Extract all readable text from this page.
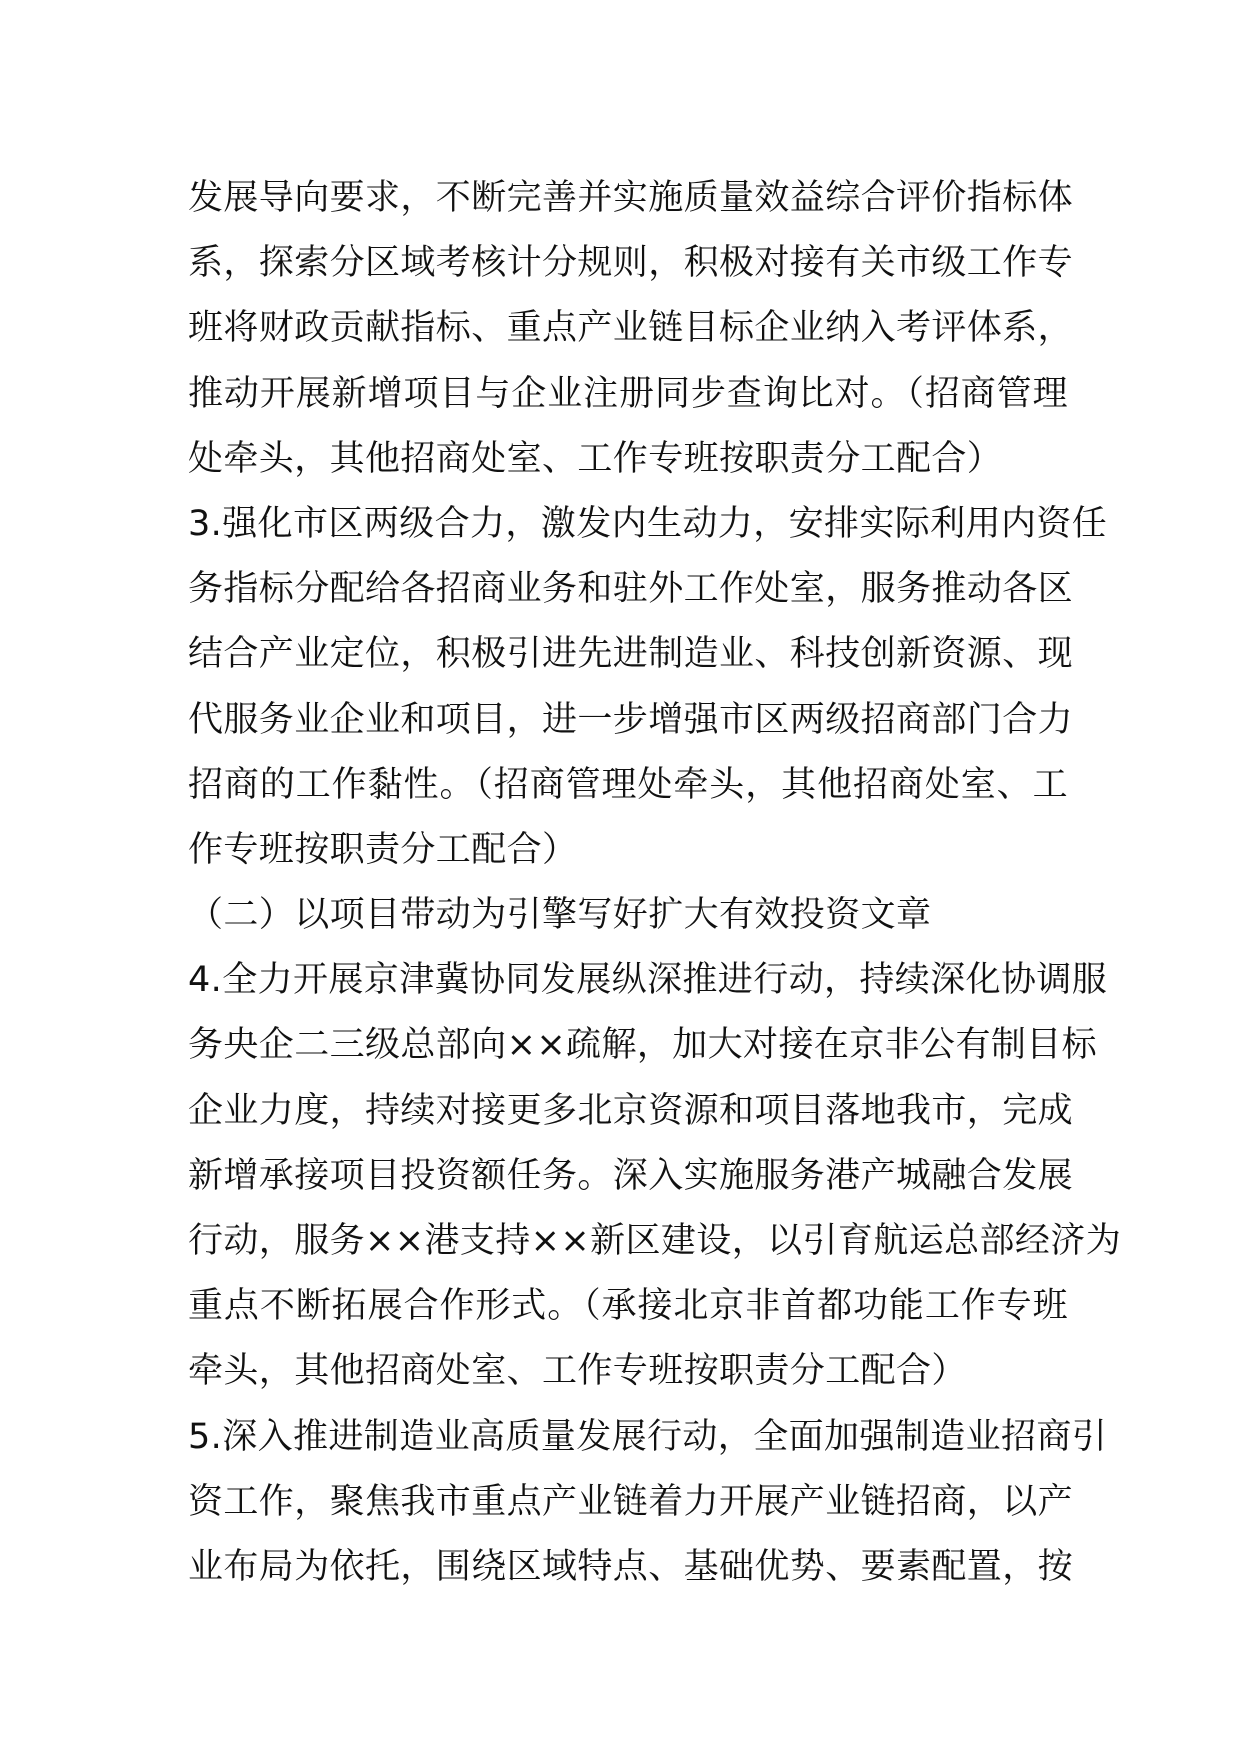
发展导向要求，不断完善并实施质量效益综合评价指标体
系，探索分区域考核计分规则，积极对接有关市级工作专
班将财政贡献指标、重点产业链目标企业纳入考评体系，
推动开展新增项目与企业注册同步查询比对。（招商管理
处牵头，其他招商处室、工作专班按职责分工配合）
3.强化市区两级合力，激发内生动力，安排实际利用内资任
务指标分配给各招商业务和驻外工作处室，服务推动各区
结合产业定位，积极引进先进制造业、科技创新资源、现
代服务业企业和项目，进一步增强市区两级招商部门合力
招商的工作黏性。（招商管理处牵头，其他招商处室、工
作专班按职责分工配合）
（二）以项目带动为引擎写好扩大有效投资文章
4.全力开展京津冀协同发展纵深推进行动，持续深化协调服
务央企二三级总部向××疏解，加大对接在京非公有制目标
企业力度，持续对接更多北京资源和项目落地我市，完成
新增承接项目投资额任务。深入实施服务港产城融合发展
行动，服务××港支持××新区建设，以引育航运总部经济为
重点不断拓展合作形式。（承接北京非首都功能工作专班
牵头，其他招商处室、工作专班按职责分工配合）
5.深入推进制造业高质量发展行动，全面加强制造业招商引
资工作，聚焦我市重点产业链着力开展产业链招商，以产
业布局为依托，围绕区域特点、基础优势、要素配置，按
